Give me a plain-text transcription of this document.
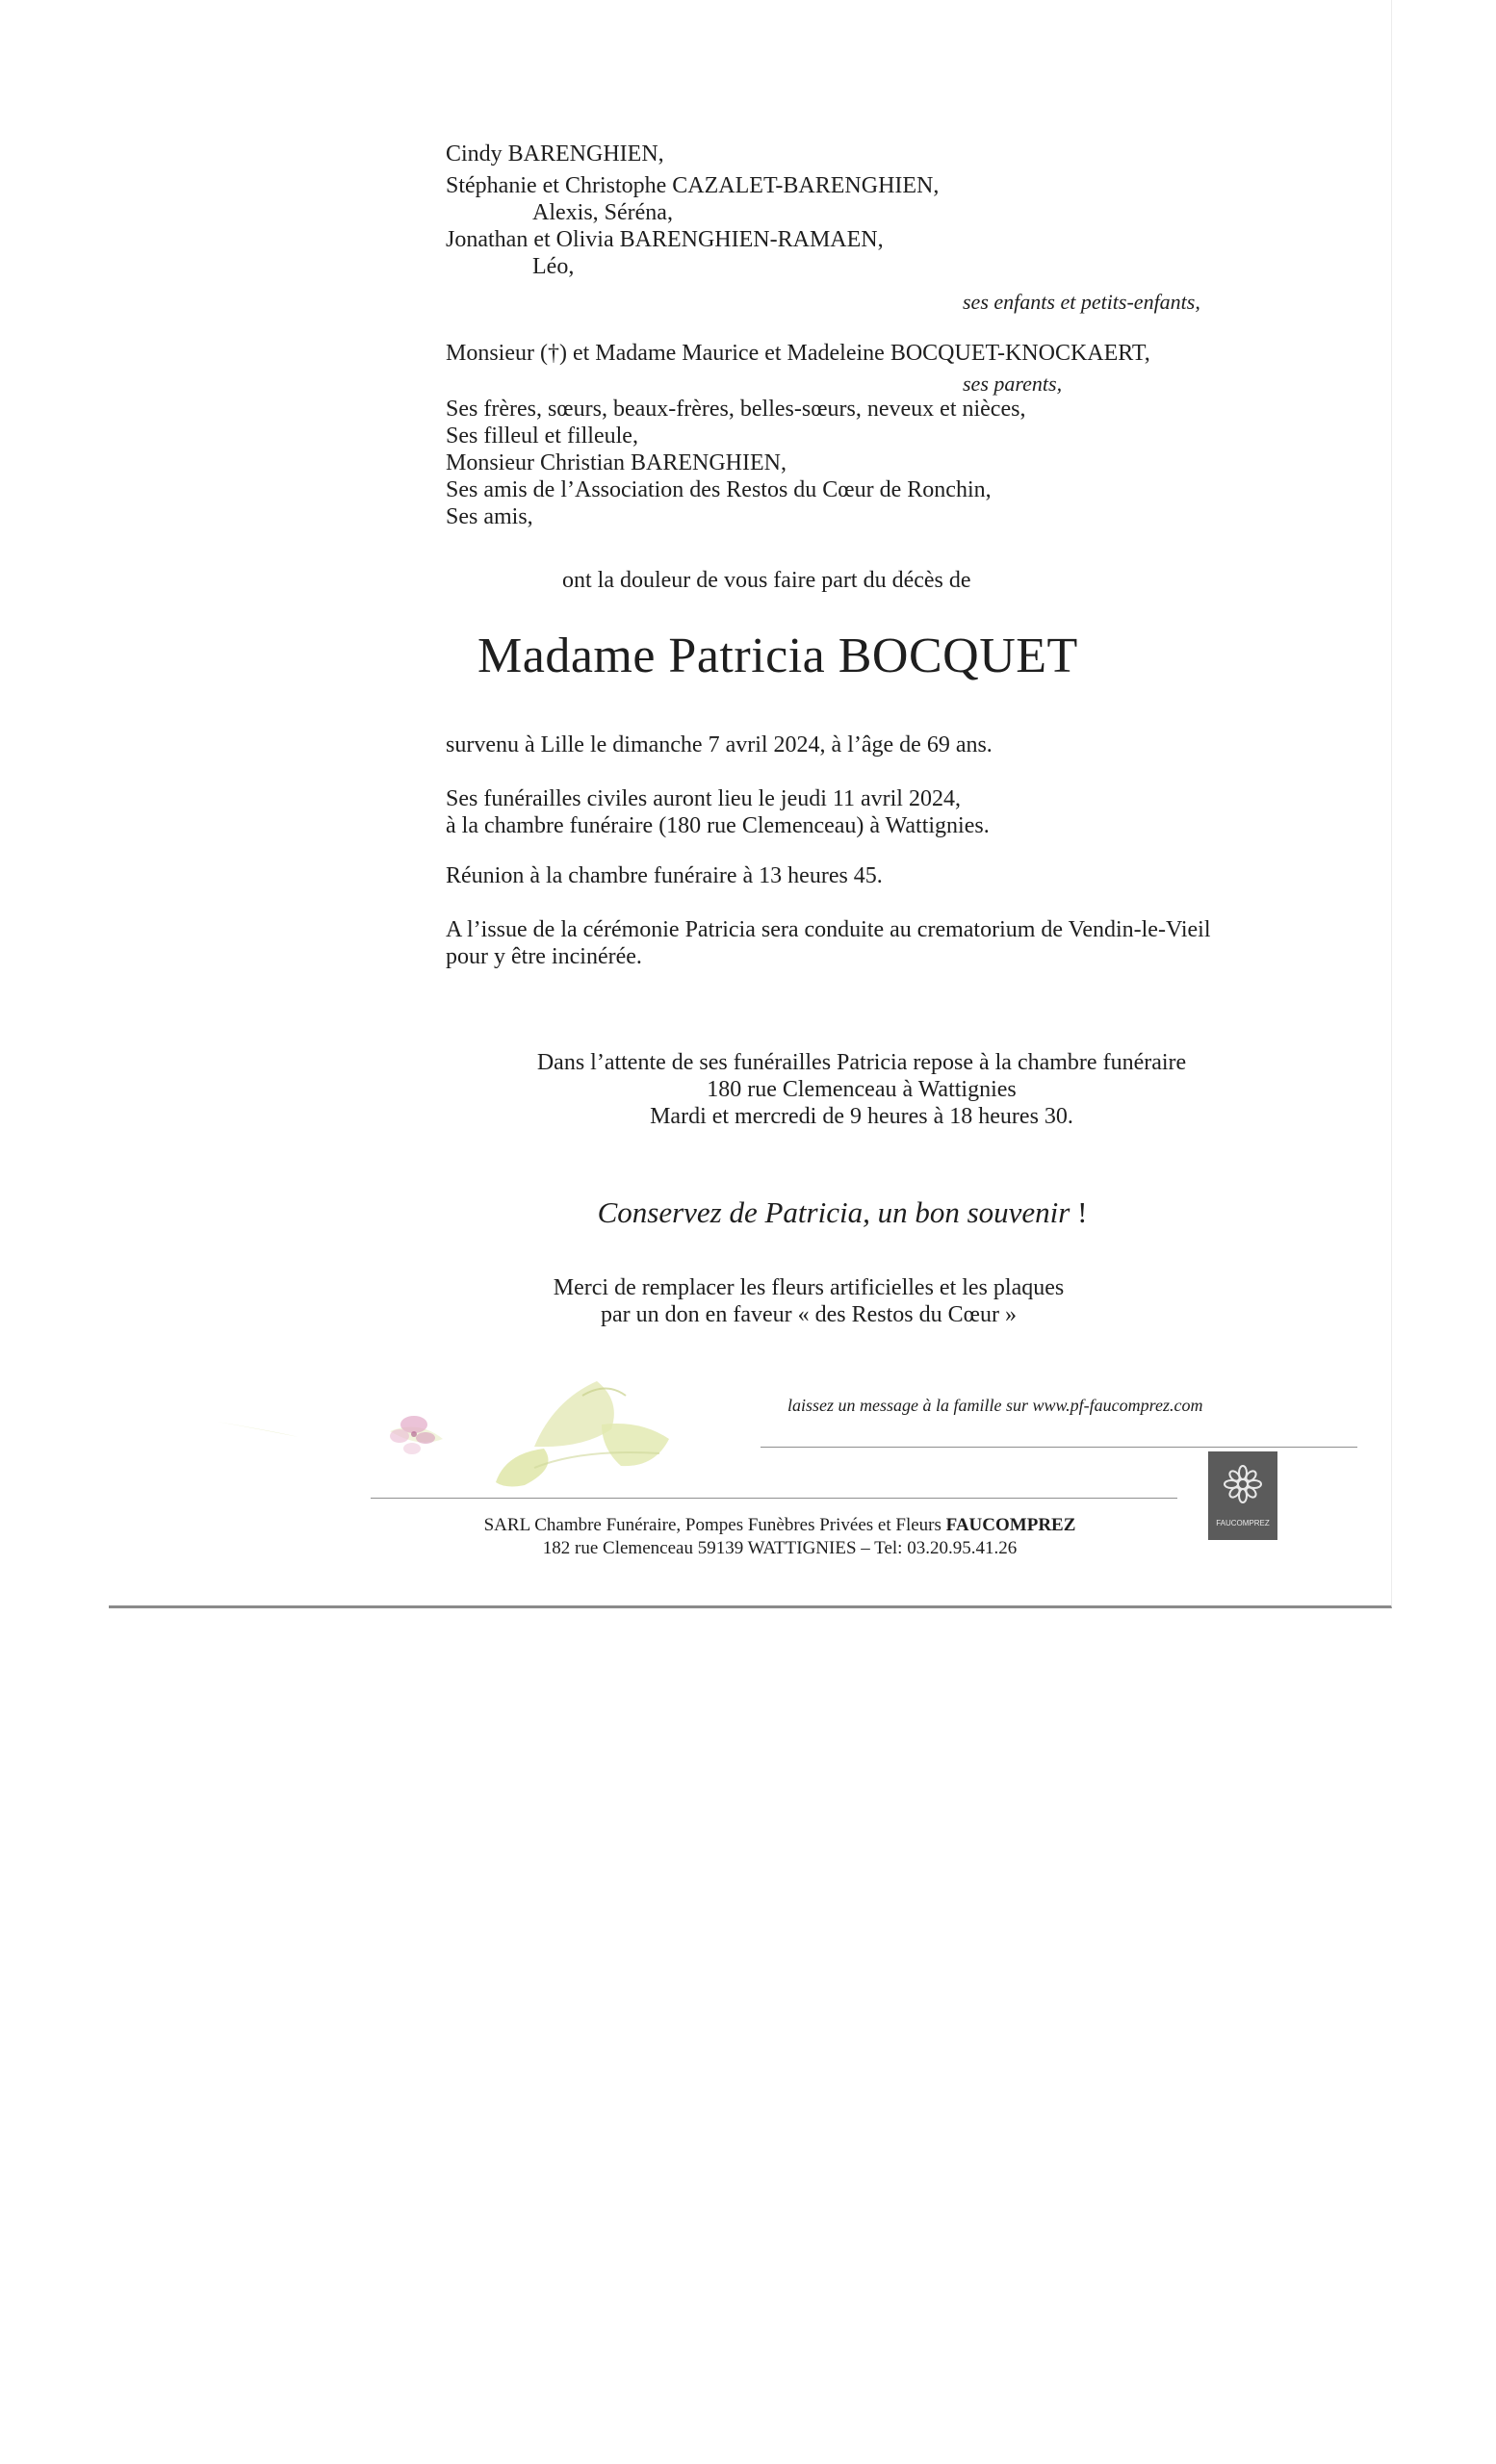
Cindy BARENGHIEN,

Stéphanie et Christophe CAZALET-BARENGHIEN,

Alexis, Séréna,

Jonathan et Olivia BARENGHIEN-RAMAEN,

Léo,

ses enfants et petits-enfants,

Monsieur (†) et Madame Maurice et Madeleine BOCQUET-KNOCKAERT,

ses parents,

Ses frères, sœurs, beaux-frères, belles-sœurs, neveux et nièces,

Ses filleul et filleule,

Monsieur Christian BARENGHIEN,

Ses amis de l’Association des Restos du Cœur de Ronchin,

Ses amis,

ont la douleur de vous faire part du décès de

Madame Patricia BOCQUET

survenu à Lille le dimanche 7 avril 2024, à l’âge de 69 ans.

Ses funérailles civiles auront lieu le jeudi 11 avril 2024,

à la chambre funéraire (180 rue Clemenceau) à Wattignies.

Réunion à la chambre funéraire à 13 heures 45.

A l’issue de la cérémonie Patricia sera conduite au crematorium de Vendin-le-Vieil

pour y être incinérée.

Dans l’attente de ses funérailles Patricia repose à la chambre funéraire

180 rue Clemenceau à Wattignies

Mardi et mercredi de 9 heures à 18 heures 30.

Conservez de Patricia, un bon souvenir !

Merci de remplacer les fleurs artificielles et les plaques

par un don en faveur « des Restos du Cœur »

laissez un message à la famille sur www.pf-faucomprez.com

SARL Chambre Funéraire, Pompes Funèbres Privées et Fleurs FAUCOMPREZ

182 rue Clemenceau 59139 WATTIGNIES – Tel: 03.20.95.41.26

FAUCOMPREZ
